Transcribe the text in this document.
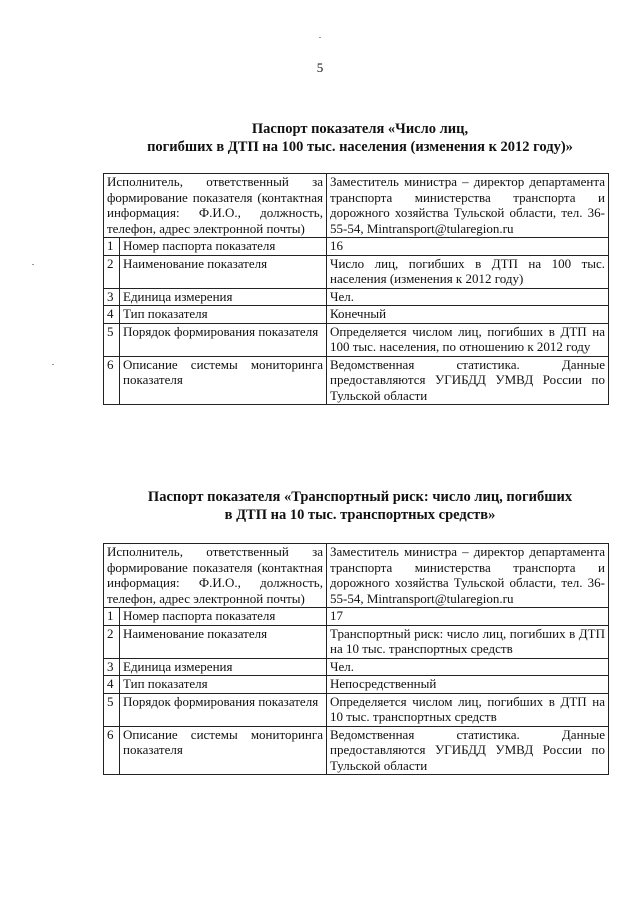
5
Паспорт показателя «Число лиц,
погибших в ДТП на 100 тыс. населения (изменения к 2012 году)»
Исполнитель, ответственный за формирование показателя (контактная информация: Ф.И.О., должность, телефон, адрес электронной почты)		Заместитель министра – директор департамента транспорта министерства транспорта и дорожного хозяйства Тульской области, тел. 36-55-54, Mintransport@tularegion.ru
1	Номер паспорта показателя	16
2	Наименование показателя	Число лиц, погибших в ДТП на 100 тыс. населения (изменения к 2012 году)
3	Единица измерения	Чел.
4	Тип показателя	Конечный
5	Порядок формирования показателя	Определяется числом лиц, погибших в ДТП на 100 тыс. населения, по отношению к 2012 году
6	Описание системы мониторинга показателя	Ведомственная статистика. Данные предоставляются УГИБДД УМВД России по Тульской области
Паспорт показателя «Транспортный риск: число лиц, погибших
в ДТП на 10 тыс. транспортных средств»
Исполнитель, ответственный за формирование показателя (контактная информация: Ф.И.О., должность, телефон, адрес электронной почты)		Заместитель министра – директор департамента транспорта министерства транспорта и дорожного хозяйства Тульской области, тел. 36-55-54, Mintransport@tularegion.ru
1	Номер паспорта показателя	17
2	Наименование показателя	Транспортный риск: число лиц, погибших в ДТП на 10 тыс. транспортных средств
3	Единица измерения	Чел.
4	Тип показателя	Непосредственный
5	Порядок формирования показателя	Определяется числом лиц, погибших в ДТП на 10 тыс. транспортных средств
6	Описание системы мониторинга показателя	Ведомственная статистика. Данные предоставляются УГИБДД УМВД России по Тульской области
